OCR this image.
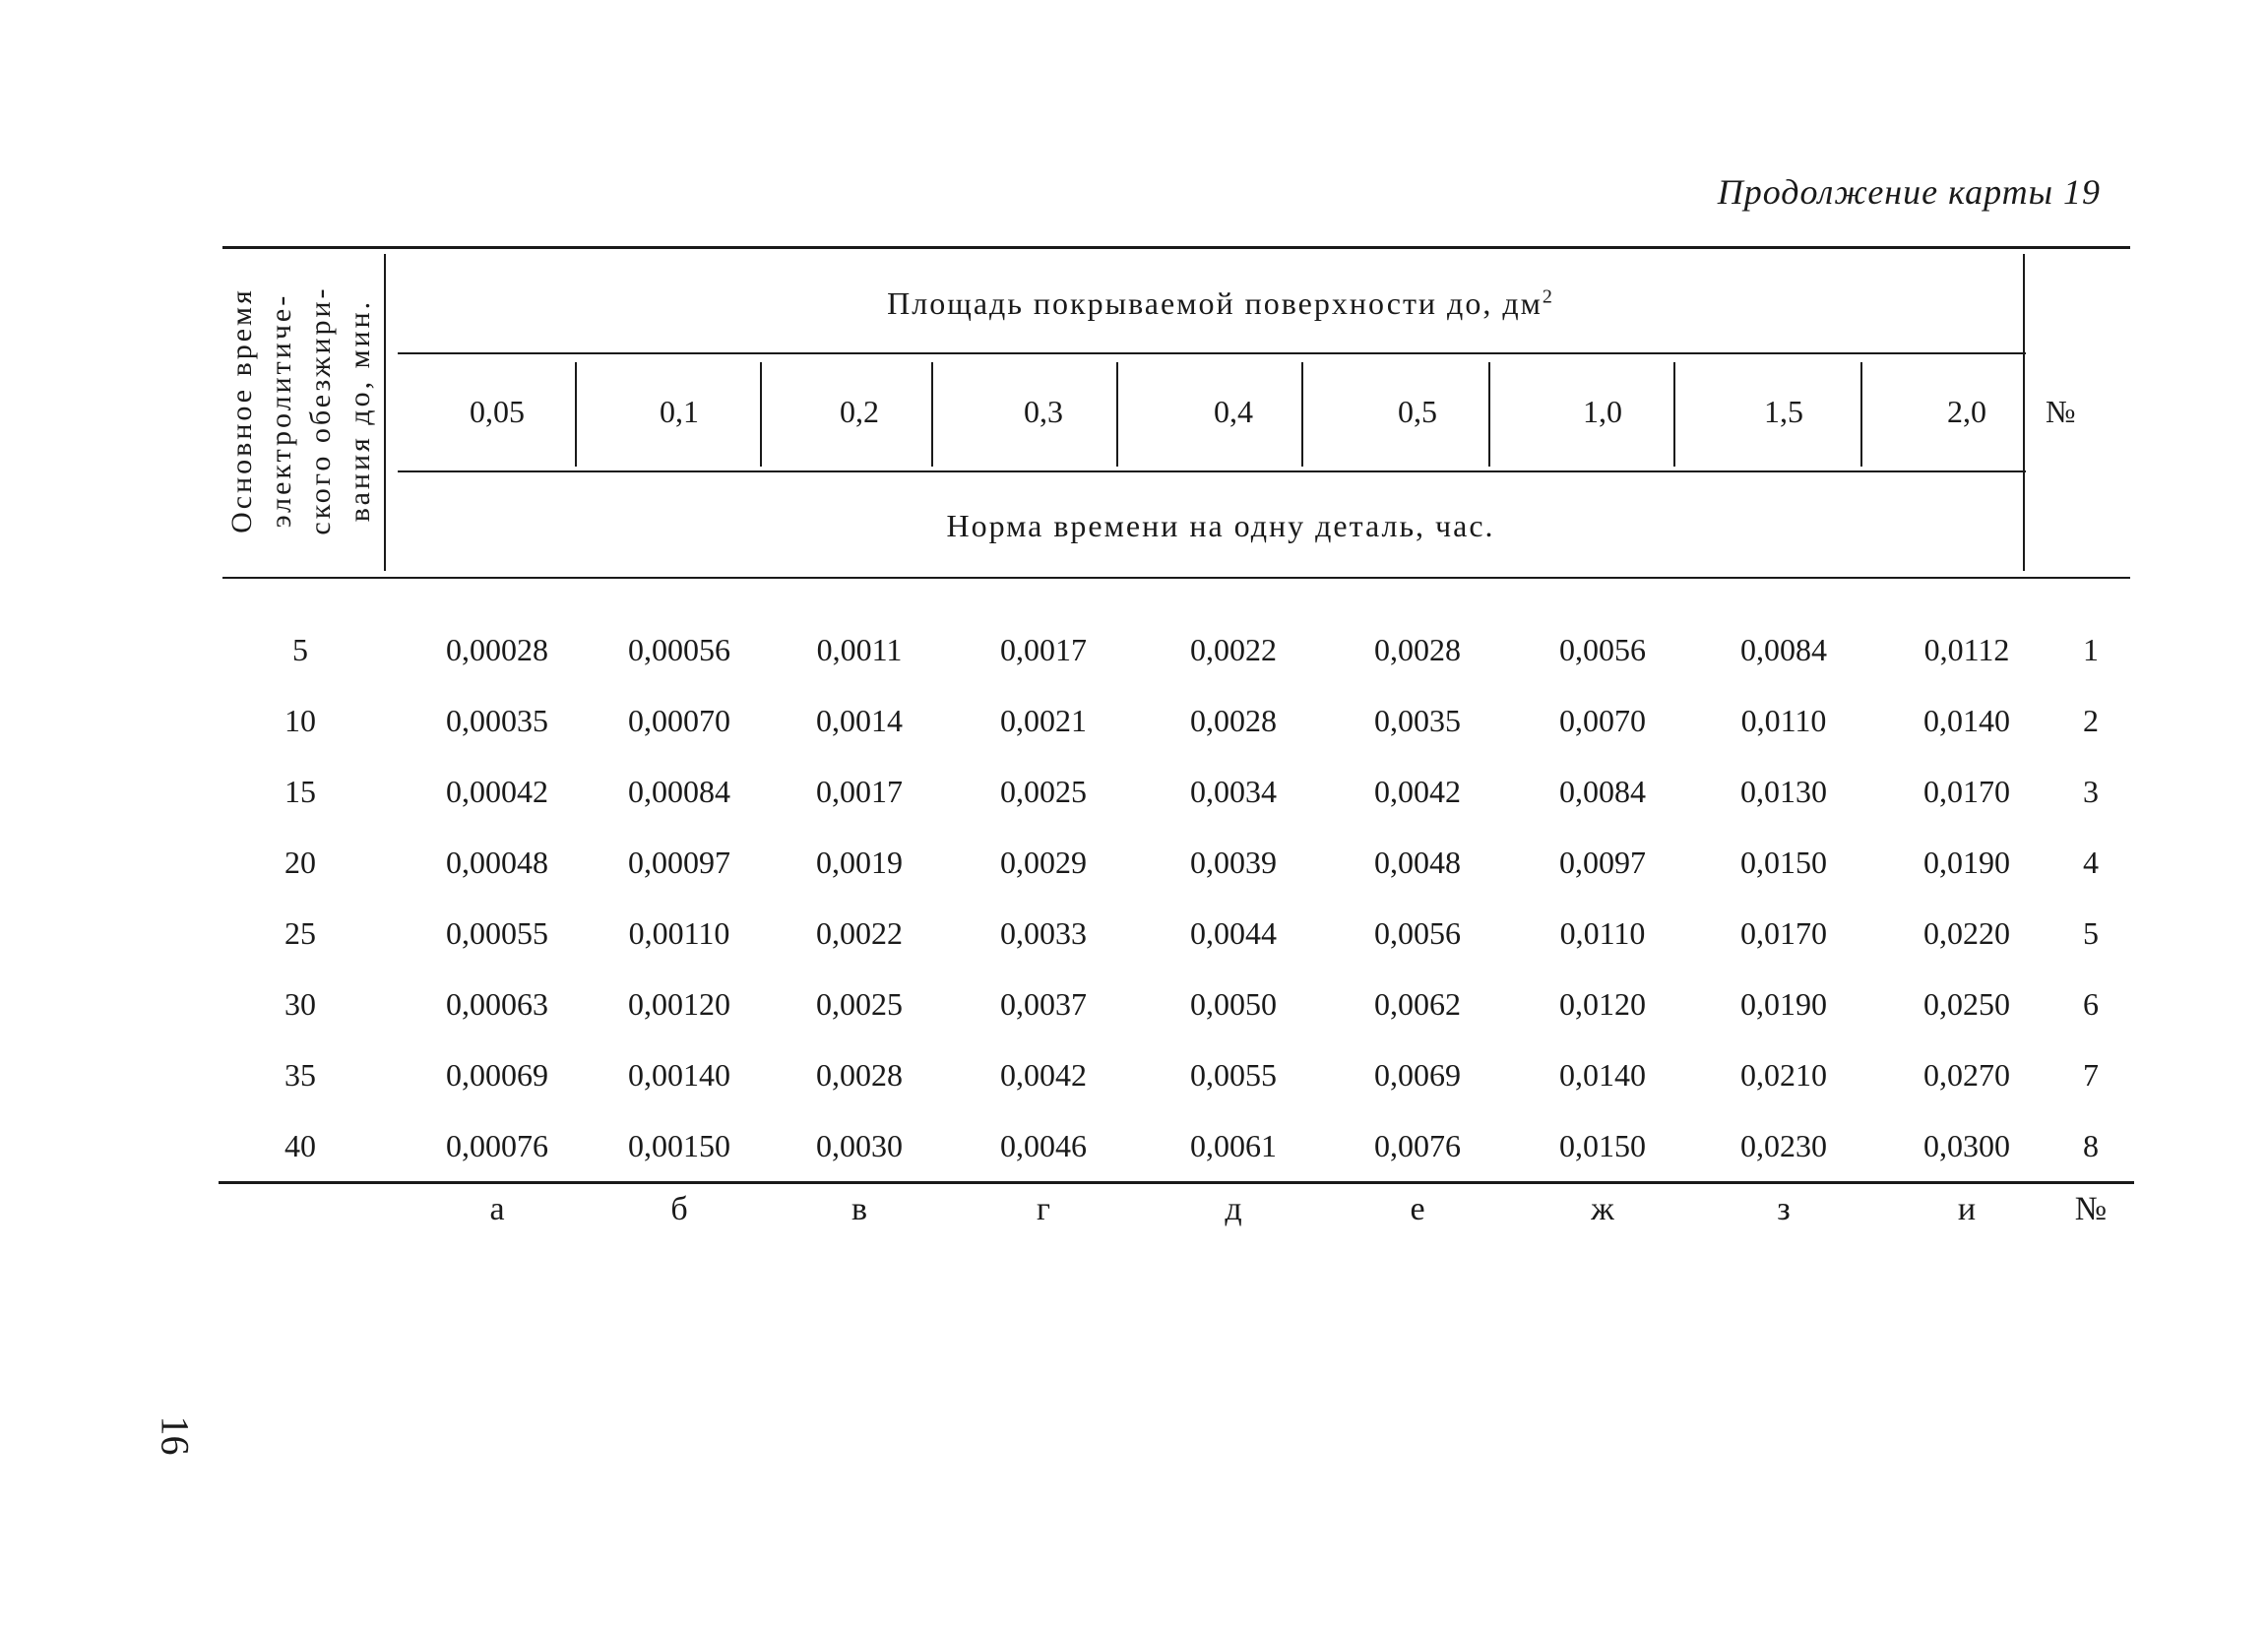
Продолжение карты 19
Основное время электролитиче- ского обезжири- вания до, мин.	Площадь покрываемой поверхности до, $дм^2$
Норма времени на одну деталь, час.
№
0,05	0,1	0,2	0,3	0,4	0,5	1,0	1,5	2,0
5	0,00028	0,00056	0,0011	0,0017	0,0022	0,0028	0,0056	0,0084	0,0112 1
10	0,00035	0,00070	0,0014	0,0021	0,0028	0,0035	0,0070	0,0110	0,0140 2
15	0,00042	0,00084	0,0017	0,0025	0,0034	0,0042	0,0084	0,0130	0,0170 3
20	0,00048	0,00097	0,0019	0,0029	0,0039	0,0048	0,0097	0,0150	0,0190 4
25	0,00055	0,00110	0,0022	0,0033	0,0044	0,0056	0,0110	0,0170	0,0220 5
30	0,00063	0,00120	0,0025	0,0037	0,0050	0,0062	0,0120	0,0190	0,0250 6
35	0,00069	0,00140	0,0028	0,0042	0,0055	0,0069	0,0140	0,0210	0,0270 7
40	0,00076	0,00150	0,0030	0,0046	0,0061	0,0076	0,0150	0,0230	0,0300 8
а	б	в	г	д	е	ж	з	и	№
16
